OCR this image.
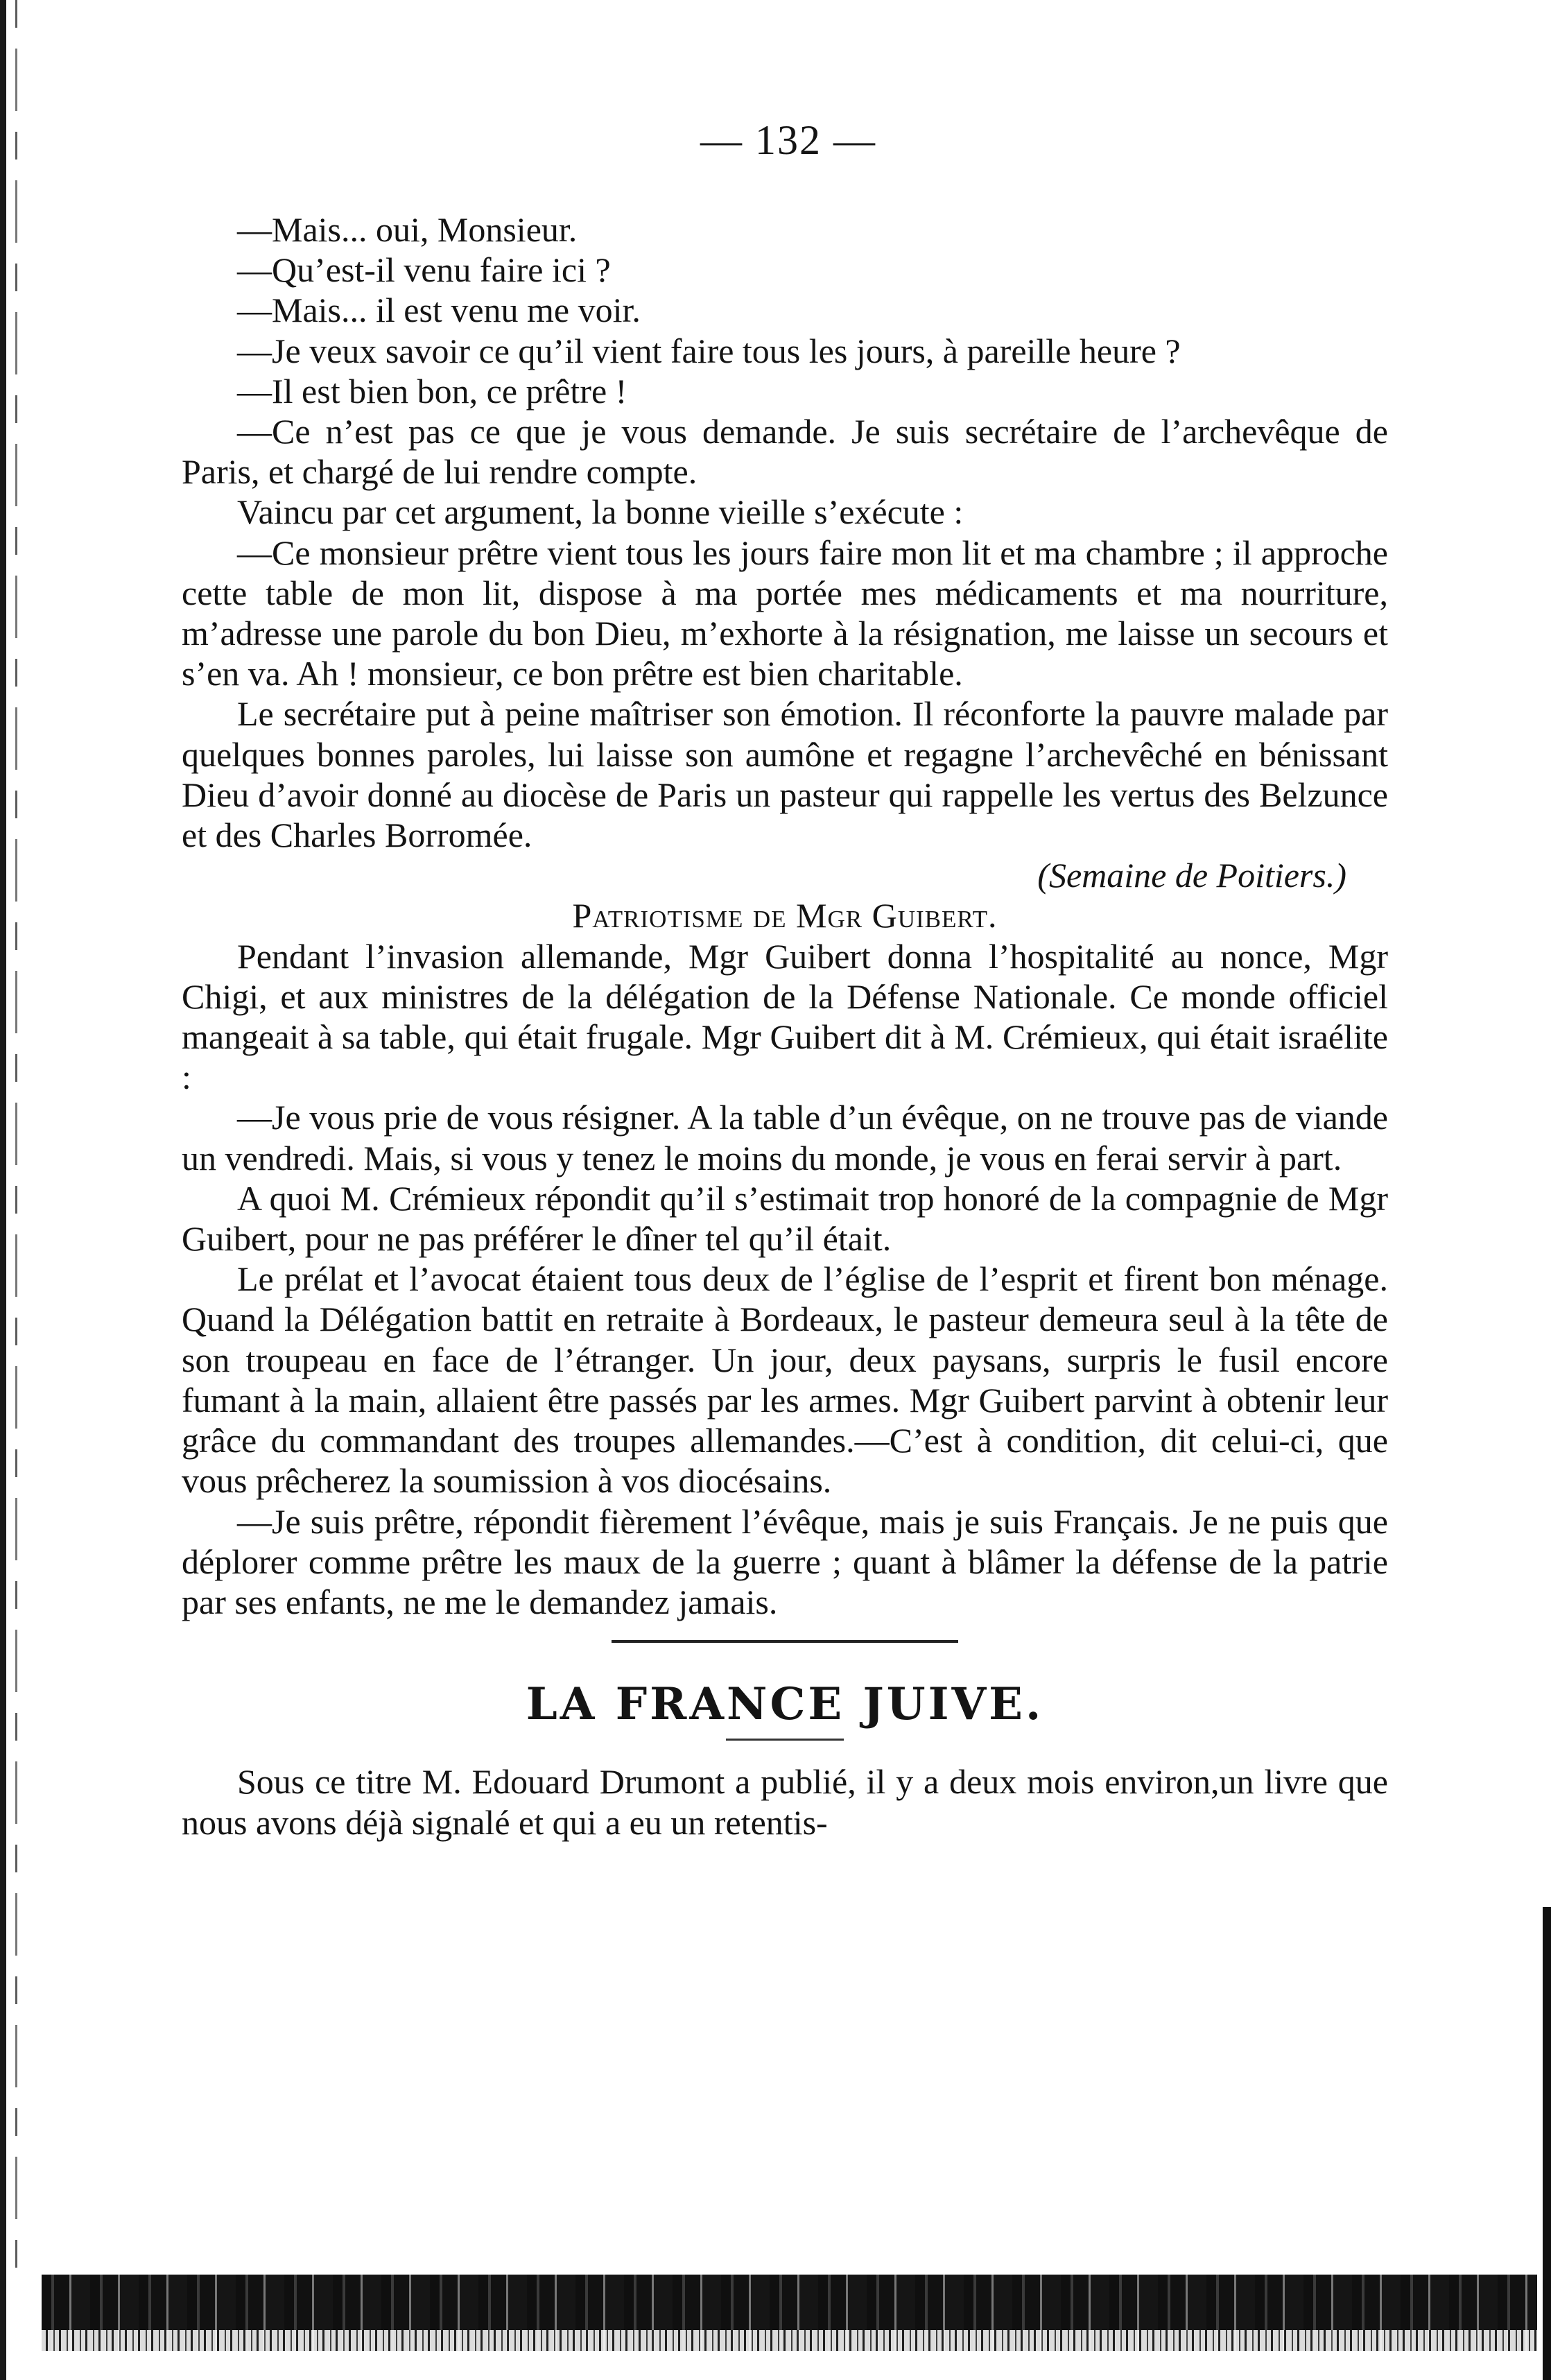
— 132 —

—Mais... oui, Monsieur.

—Qu’est-il venu faire ici ?

—Mais... il est venu me voir.

—Je veux savoir ce qu’il vient faire tous les jours, à pareille heure ?

—Il est bien bon, ce prêtre !

—Ce n’est pas ce que je vous demande. Je suis secrétaire de l’archevêque de Paris, et chargé de lui rendre compte.

Vaincu par cet argument, la bonne vieille s’exécute :

—Ce monsieur prêtre vient tous les jours faire mon lit et ma chambre ; il approche cette table de mon lit, dispose à ma portée mes médicaments et ma nourriture, m’adresse une parole du bon Dieu, m’exhorte à la résignation, me laisse un secours et s’en va. Ah ! monsieur, ce bon prêtre est bien charitable.

Le secrétaire put à peine maîtriser son émotion. Il réconforte la pauvre malade par quelques bonnes paroles, lui laisse son aumône et regagne l’archevêché en bénissant Dieu d’avoir donné au diocèse de Paris un pasteur qui rappelle les vertus des Belzunce et des Charles Borromée.

(Semaine de Poitiers.)

Patriotisme de Mgr Guibert.

Pendant l’invasion allemande, Mgr Guibert donna l’hospitalité au nonce, Mgr Chigi, et aux ministres de la délégation de la Défense Nationale. Ce monde officiel mangeait à sa table, qui était frugale. Mgr Guibert dit à M. Crémieux, qui était israélite :

—Je vous prie de vous résigner. A la table d’un évêque, on ne trouve pas de viande un vendredi. Mais, si vous y tenez le moins du monde, je vous en ferai servir à part.

A quoi M. Crémieux répondit qu’il s’estimait trop honoré de la compagnie de Mgr Guibert, pour ne pas préférer le dîner tel qu’il était.

Le prélat et l’avocat étaient tous deux de l’église de l’esprit et firent bon ménage. Quand la Délégation battit en retraite à Bordeaux, le pasteur demeura seul à la tête de son troupeau en face de l’étranger. Un jour, deux paysans, surpris le fusil encore fumant à la main, allaient être passés par les armes. Mgr Guibert parvint à obtenir leur grâce du commandant des troupes allemandes.—C’est à condition, dit celui-ci, que vous prêcherez la soumission à vos diocésains.

—Je suis prêtre, répondit fièrement l’évêque, mais je suis Français. Je ne puis que déplorer comme prêtre les maux de la guerre ; quant à blâmer la défense de la patrie par ses enfants, ne me le demandez jamais.

LA FRANCE JUIVE.

Sous ce titre M. Edouard Drumont a publié, il y a deux mois environ,un livre que nous avons déjà signalé et qui a eu un retentis-
